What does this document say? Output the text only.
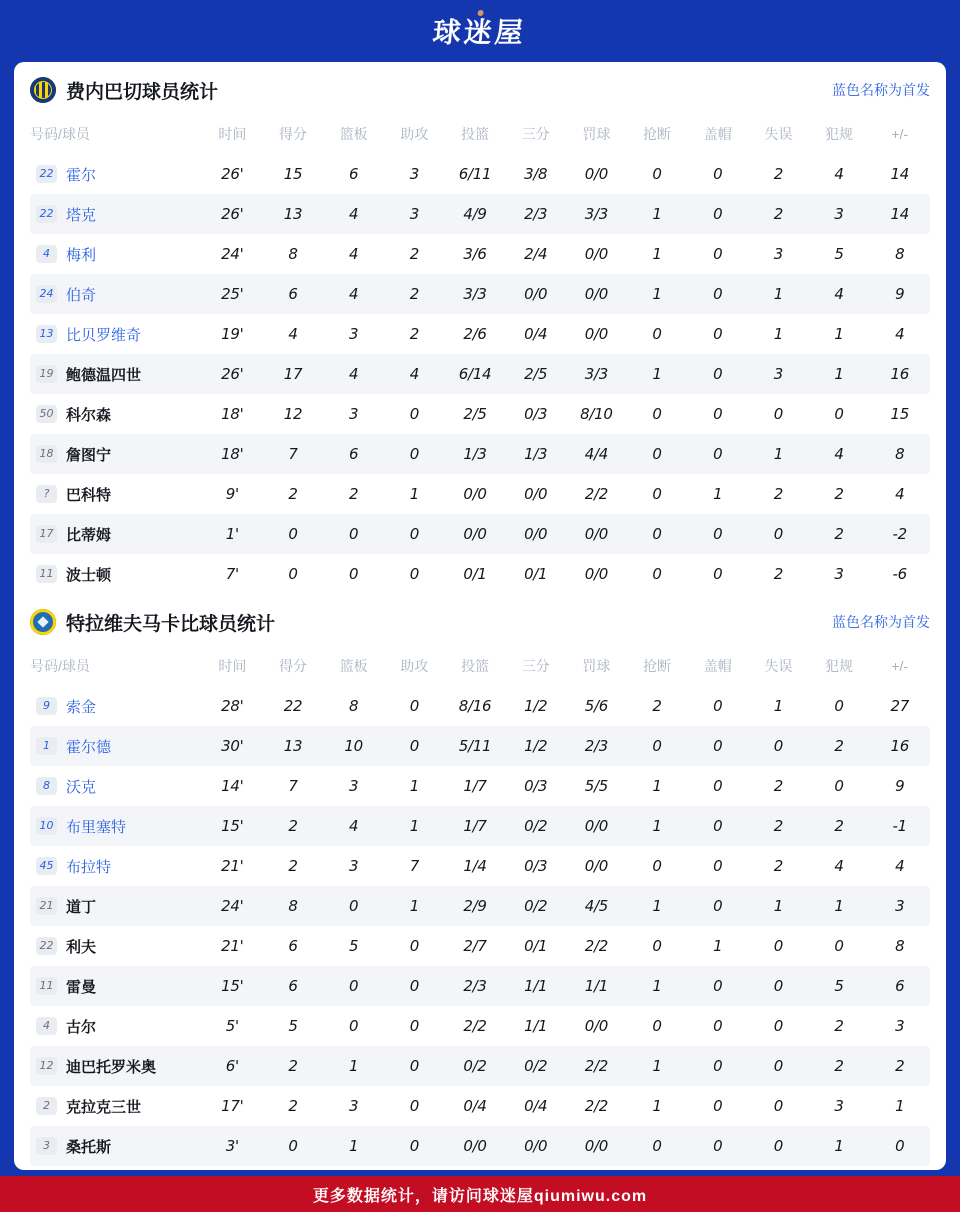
球迷屋
费内巴切球员统计	蓝色名称为首发
号码/球员	时间	得分	篮板	助攻	投篮	三分	罚球	抢断	盖帽	失误	犯规	+/-
22 霍尔	26'	15	6	3	6/11	3/8	0/0	0	0	2	4	14
22 塔克	26'	13	4	3	4/9	2/3	3/3	1	0	2	3	14
4	梅利	24'	8	4	2	3/6	2/4	0/0	1	0	3	5	8
24 伯奇	25'	6	4	2	3/3	0/0	0/0	1	0	1	4	9
13 比贝罗维奇	19'	4	3	2	2/6	0/4	0/0	0	0	1	1	4
19 鲍德温四世	26'	17	4	4	6/14	2/5	3/3	1	0	3	1	16
50 科尔森	18'	12	3	0	2/5	0/3	8/10	0	0	0	0	15
18 詹图宁	18'	7	6	0	1/3	1/3	4/4	0	0	1	4	8
?	巴科特	9'	2	2	1	0/0	0/0	2/2	0	1	2	2	4
17 比蒂姆	1'	0	0	0	0/0	0/0	0/0	0	0	0	2	-2
11 波士顿	7'	0	0	0	0/1	0/1	0/0	0	0	2	3	-6
特拉维夫马卡比球员统计	蓝色名称为首发
号码/球员	时间	得分	篮板	助攻	投篮	三分	罚球	抢断	盖帽	失误	犯规	+/-
9	索金	28'	22	8	0	8/16	1/2	5/6	2	0	1	0	27
1	霍尔德	30'	13	10	0	5/11	1/2	2/3	0	0	0	2	16
8	沃克	14'	7	3	1	1/7	0/3	5/5	1	0	2	0	9
10 布里塞特	15'	2	4	1	1/7	0/2	0/0	1	0	2	2	-1
45 布拉特	21'	2	3	7	1/4	0/3	0/0	0	0	2	4	4
21 道丁	24'	8	0	1	2/9	0/2	4/5	1	0	1	1	3
22 利夫	21'	6	5	0	2/7	0/1	2/2	0	1	0	0	8
11 雷曼	15'	6	0	0	2/3	1/1	1/1	1	0	0	5	6
4	古尔	5'	5	0	0	2/2	1/1	0/0	0	0	0	2	3
12 迪巴托罗米奥	6'	2	1	0	0/2	0/2	2/2	1	0	0	2	2
2	克拉克三世	17'	2	3	0	0/4	0/4	2/2	1	0	0	3	1
3	桑托斯	3'	0	1	0	0/0	0/0	0/0	0	0	0	1	0
更多数据统计，请访问球迷屋qiumiwu.com
